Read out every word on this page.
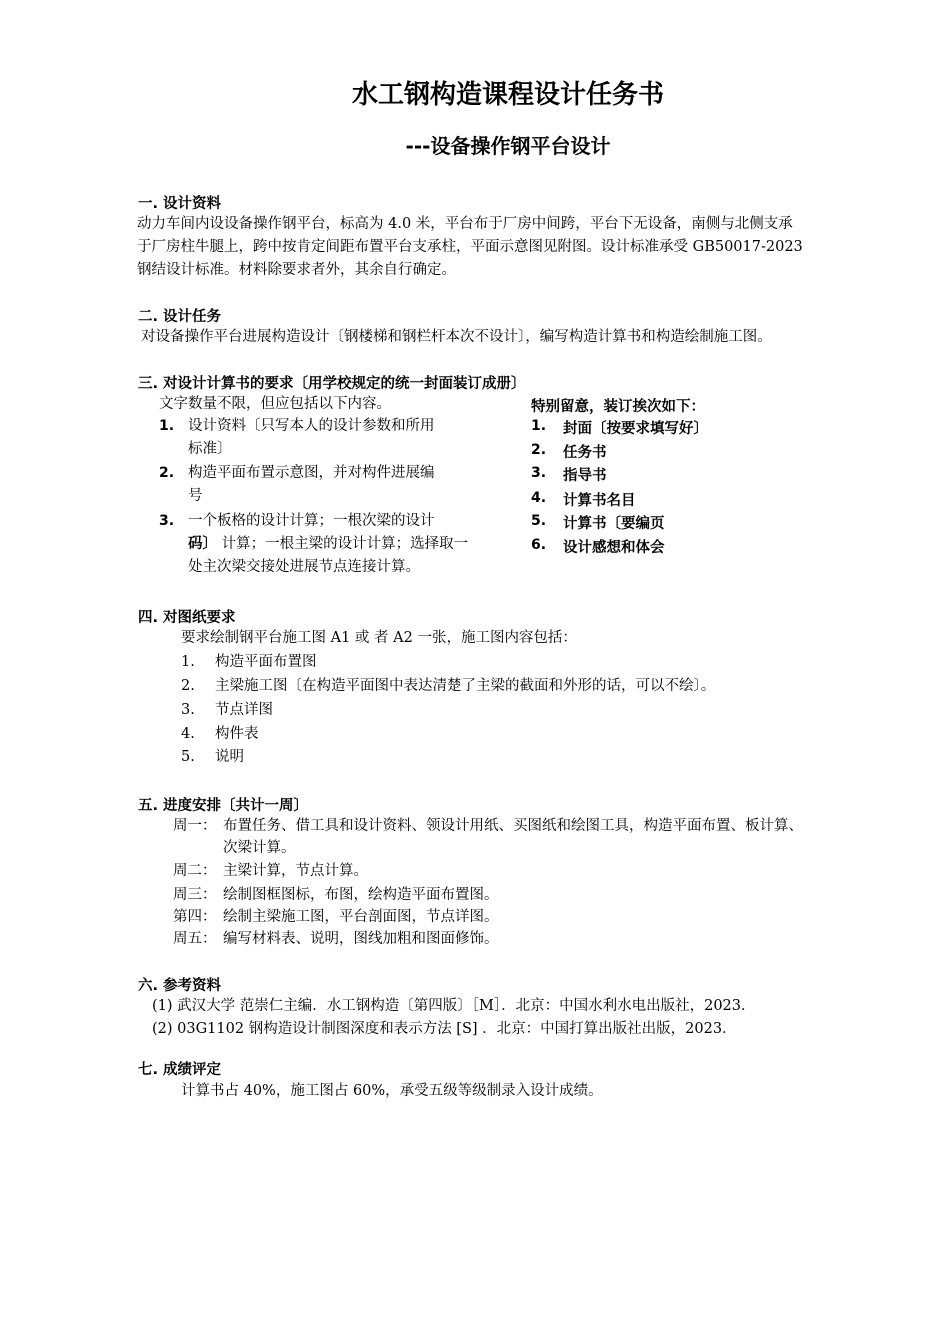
水工钢构造课程设计任务书
---设备操作钢平台设计
一. 设计资料
动力车间内设设备操作钢平台，标高为 4.0 米，平台布于厂房中间跨，平台下无设备，南侧与北侧支承
于厂房柱牛腿上，跨中按肯定间距布置平台支承柱，平面示意图见附图。设计标准承受 GB50017-2023
钢结设计标准。材料除要求者外，其余自行确定。
二. 设计任务
对设备操作平台进展构造设计〔钢楼梯和钢栏杆本次不设计〕，编写构造计算书和构造绘制施工图。
三. 对设计计算书的要求〔用学校规定的统一封面装订成册〕
文字数量不限，但应包括以下内容。
1. 设计资料〔只写本人的设计参数和所用
标准〕
2. 构造平面布置示意图，并对构件进展编
号
3. 一个板格的设计计算；一根次梁的设计
码〕 计算；一根主梁的设计计算；选择取一
处主次梁交接处进展节点连接计算。
特别留意，装订挨次如下：
1. 封面〔按要求填写好〕
2. 任务书
3. 指导书
4. 计算书名目
5. 计算书〔要编页
6. 设计感想和体会
四. 对图纸要求
要求绘制钢平台施工图 A1 或 者 A2 一张，施工图内容包括：
1. 构造平面布置图
2. 主梁施工图〔在构造平面图中表达清楚了主梁的截面和外形的话，可以不绘〕。
3. 节点详图
4. 构件表
5. 说明
五. 进度安排〔共计一周〕
周一： 布置任务、借工具和设计资料、领设计用纸、买图纸和绘图工具，构造平面布置、板计算、
次梁计算。
周二： 主梁计算，节点计算。
周三： 绘制图框图标，布图，绘构造平面布置图。
第四： 绘制主梁施工图，平台剖面图，节点详图。
周五： 编写材料表、说明，图线加粗和图面修饰。
六. 参考资料
(1) 武汉大学 范崇仁主编．水工钢构造〔第四版〕［M］．北京：中国水利水电出版社，2023．
(2) 03G1102 钢构造设计制图深度和表示方法 [S] ．北京：中国打算出版社出版，2023．
七. 成绩评定
计算书占 40%，施工图占 60%，承受五级等级制录入设计成绩。
